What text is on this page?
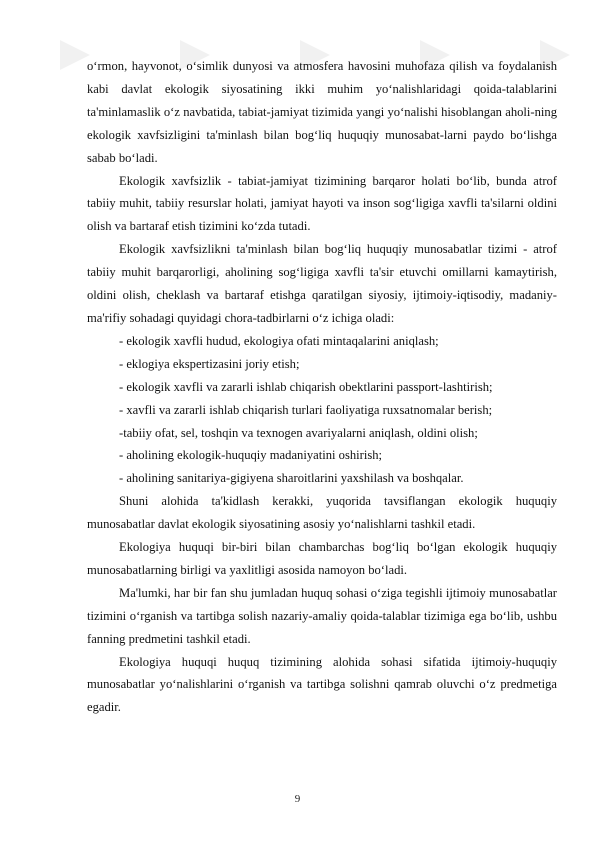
o‘rmon, hayvonot, o‘simlik dunyosi va atmosfera havosini muhofaza qilish va foydalanish kabi davlat ekologik siyosatining ikki muhim yo‘nalishlaridagi qoida-talablarini ta'minlamaslik o‘z navbatida, tabiat-jamiyat tizimida yangi yo‘nalishi hisoblangan aholi-ning ekologik xavfsizligini ta'minlash bilan bog‘liq huquqiy munosabat-larni paydo bo‘lishga sabab bo‘ladi.

Ekologik xavfsizlik - tabiat-jamiyat tizimining barqaror holati bo‘lib, bunda atrof tabiiy muhit, tabiiy resurslar holati, jamiyat hayoti va inson sog‘ligiga xavfli ta'silarni oldini olish va bartaraf etish tizimini ko‘zda tutadi.

Ekologik xavfsizlikni ta'minlash bilan bog‘liq huquqiy munosabatlar tizimi - atrof tabiiy muhit barqarorligi, aholining sog‘ligiga xavfli ta'sir etuvchi omillarni kamaytirish, oldini olish, cheklash va bartaraf etishga qaratilgan siyosiy, ijtimoiy-iqtisodiy, madaniy-ma'rifiy sohadagi quyidagi chora-tadbirlarni o‘z ichiga oladi:

- ekologik xavfli hudud, ekologiya ofati mintaqalarini aniqlash;

- eklogiya ekspertizasini joriy etish;

- ekologik xavfli va zararli ishlab chiqarish obektlarini passport-lashtirish;

- xavfli va zararli ishlab chiqarish turlari faoliyatiga ruxsatnomalar berish;

-tabiiy ofat, sel, toshqin va texnogen avariyalarni aniqlash, oldini olish;

- aholining ekologik-huquqiy madaniyatini oshirish;

- aholining sanitariya-gigiyena sharoitlarini yaxshilash va boshqalar.

Shuni alohida ta'kidlash kerakki, yuqorida tavsiflangan ekologik huquqiy munosabatlar davlat ekologik siyosatining asosiy yo‘nalishlarni tashkil etadi.

Ekologiya huquqi bir-biri bilan chambarchas bog‘liq bo‘lgan ekologik huquqiy munosabatlarning birligi va yaxlitligi asosida namoyon bo‘ladi.

Ma'lumki, har bir fan shu jumladan huquq sohasi o‘ziga tegishli ijtimoiy munosabatlar tizimini o‘rganish va tartibga solish nazariy-amaliy qoida-talablar tizimiga ega bo‘lib, ushbu fanning predmetini tashkil etadi.

Ekologiya huquqi huquq tizimining alohida sohasi sifatida ijtimoiy-huquqiy munosabatlar yo‘nalishlarini o‘rganish va tartibga solishni qamrab oluvchi o‘z predmetiga egadir.

9
